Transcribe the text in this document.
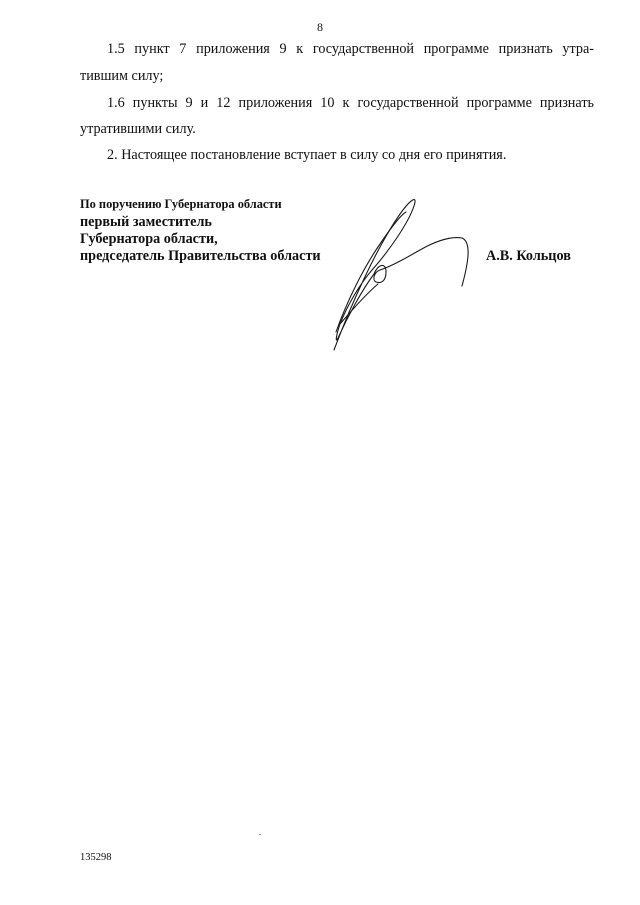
8
1.5 пункт 7 приложения 9 к государственной программе признать утра-
тившим силу;
1.6 пункты 9 и 12 приложения 10 к государственной программе признать
утратившими силу.
2. Настоящее постановление вступает в силу со дня его принятия.
По поручению Губернатора области
первый заместитель
Губернатора области,
председатель Правительства области	А.В. Кольцов
135298
